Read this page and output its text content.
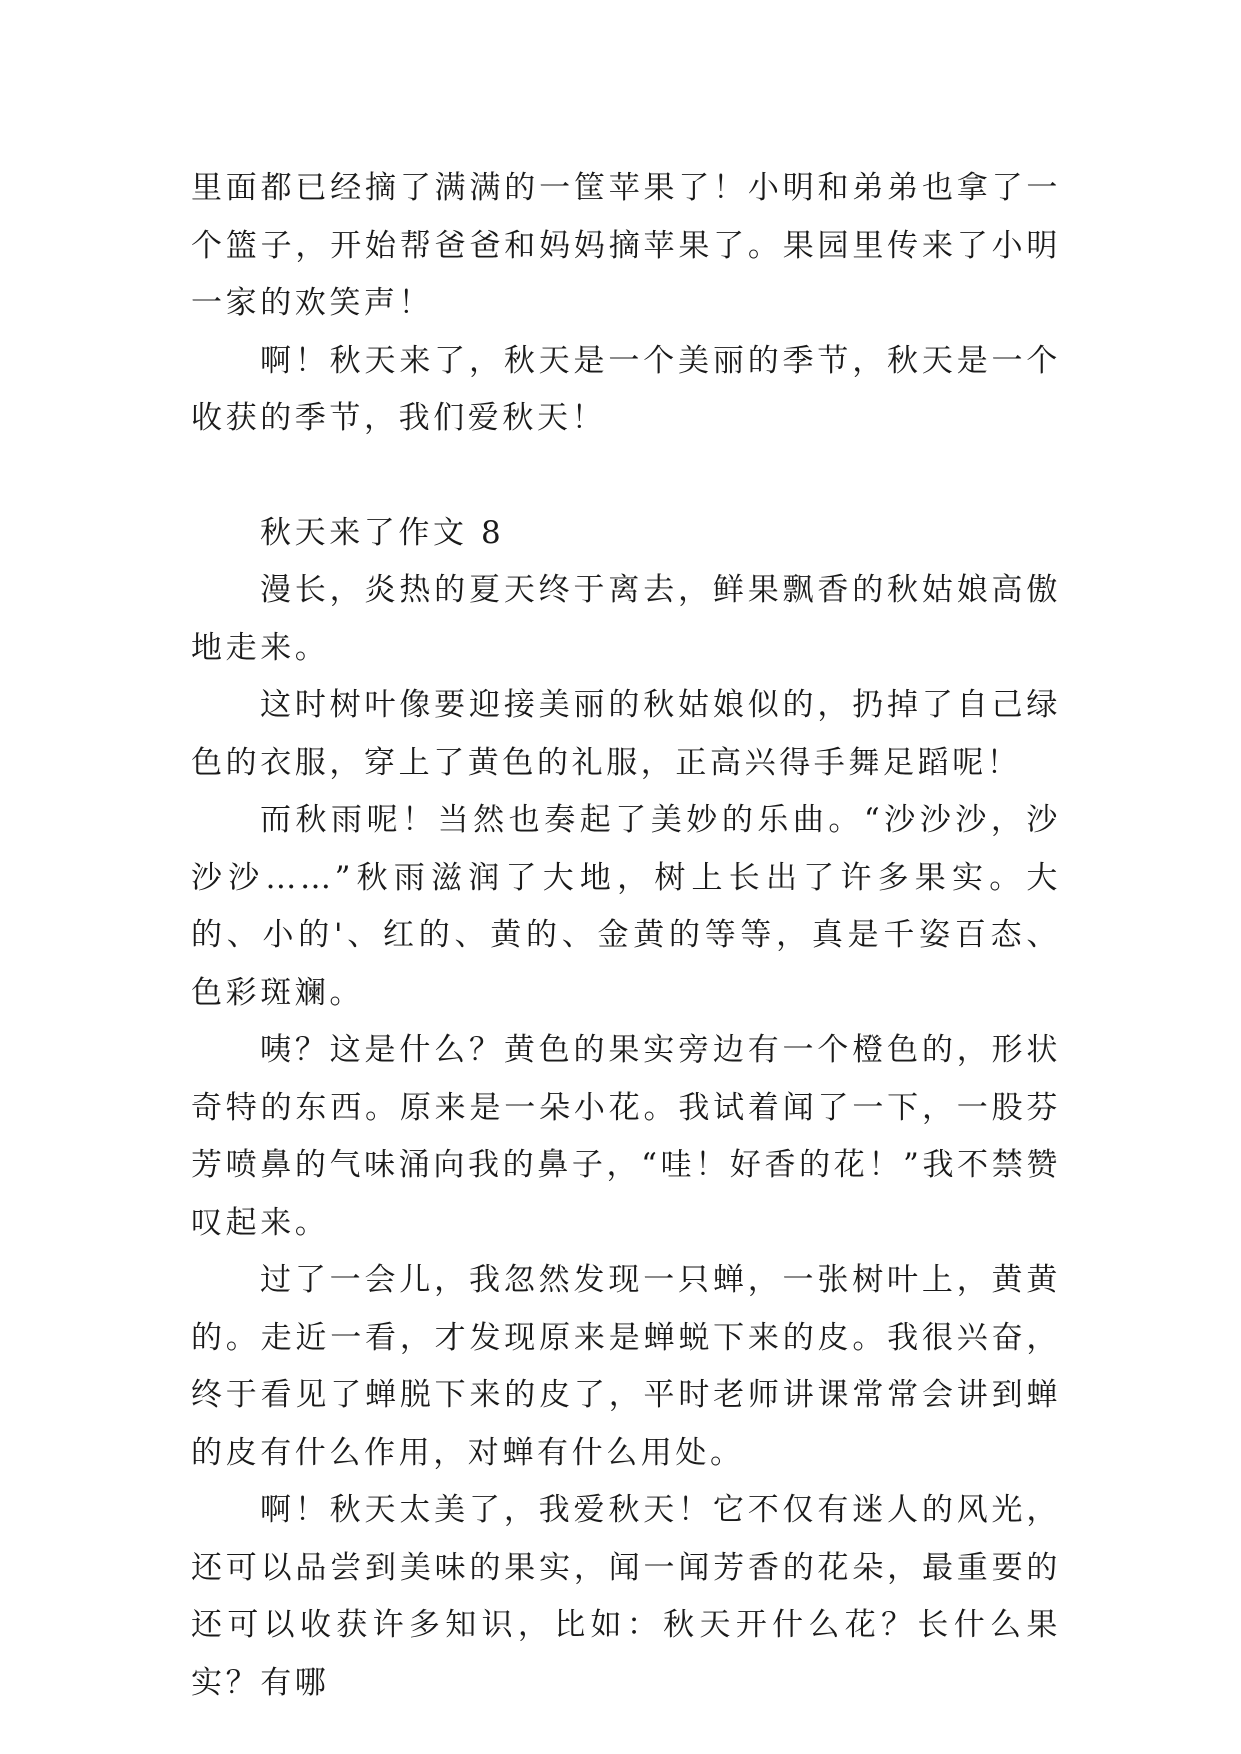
里面都已经摘了满满的一筐苹果了！小明和弟弟也拿了一个篮子，开始帮爸爸和妈妈摘苹果了。果园里传来了小明一家的欢笑声！

啊！秋天来了，秋天是一个美丽的季节，秋天是一个收获的季节，我们爱秋天！

秋天来了作文 8

漫长，炎热的夏天终于离去，鲜果飘香的秋姑娘高傲地走来。

这时树叶像要迎接美丽的秋姑娘似的，扔掉了自己绿色的衣服，穿上了黄色的礼服，正高兴得手舞足蹈呢！

而秋雨呢！当然也奏起了美妙的乐曲。“沙沙沙，沙沙沙……”秋雨滋润了大地，树上长出了许多果实。大的、小的'、红的、黄的、金黄的等等，真是千姿百态、色彩斑斓。

咦？这是什么？黄色的果实旁边有一个橙色的，形状奇特的东西。原来是一朵小花。我试着闻了一下，一股芬芳喷鼻的气味涌向我的鼻子，“哇！好香的花！”我不禁赞叹起来。

过了一会儿，我忽然发现一只蝉，一张树叶上，黄黄的。走近一看，才发现原来是蝉蜕下来的皮。我很兴奋，终于看见了蝉脱下来的皮了，平时老师讲课常常会讲到蝉的皮有什么作用，对蝉有什么用处。

啊！秋天太美了，我爱秋天！它不仅有迷人的风光，还可以品尝到美味的果实，闻一闻芳香的花朵，最重要的还可以收获许多知识，比如：秋天开什么花？长什么果实？有哪
